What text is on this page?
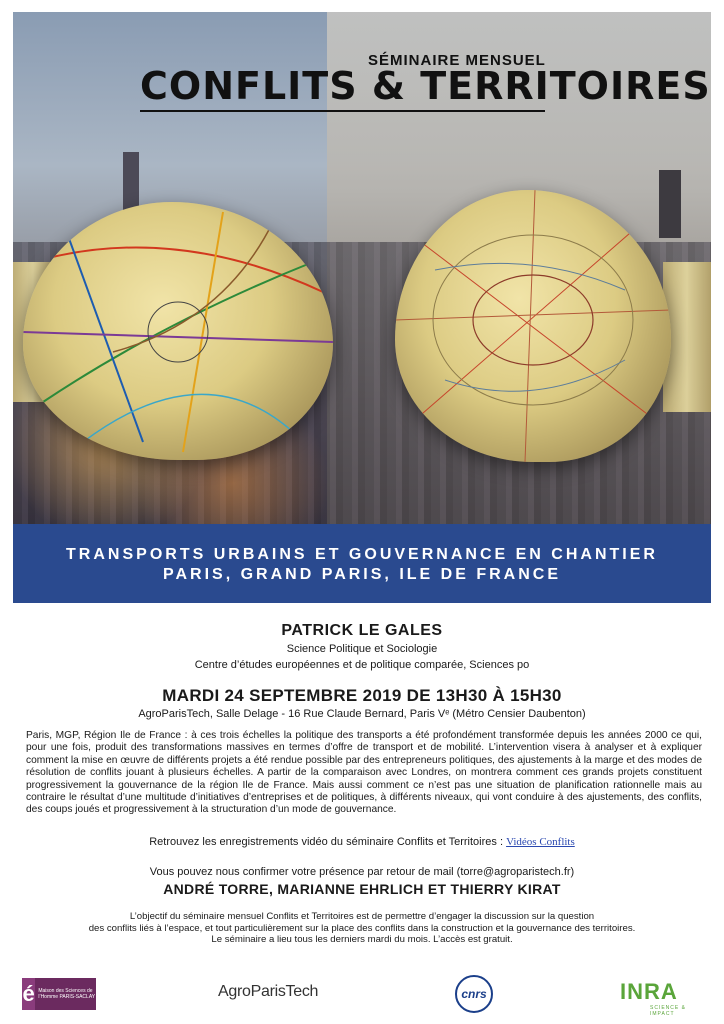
SÉMINAIRE MENSUEL
CONFLITS & TERRITOIRES
TRANSPORTS URBAINS ET GOUVERNANCE EN CHANTIER
PARIS, GRAND PARIS, ILE DE FRANCE
PATRICK LE GALES
Science Politique et Sociologie
Centre d’études européennes et de politique comparée, Sciences po
MARDI 24 SEPTEMBRE 2019 DE 13H30 À 15H30
AgroParisTech, Salle Delage - 16 Rue Claude Bernard, Paris Vᵉ (Métro Censier Daubenton)
Paris, MGP, Région Ile de France : à ces trois échelles la politique des transports a été profondément transformée depuis les années 2000 ce qui, pour une fois, produit des transformations massives en termes d’offre de transport et de mobilité. L’intervention visera à analyser et à expliquer comment la mise en œuvre de différents projets a été rendue possible par des entrepreneurs politiques, des ajustements à la marge et des modes de résolution de conflits jouant à plusieurs échelles. A partir de la comparaison avec Londres, on montrera comment ces grands projets constituent progressivement la gouvernance de la région Ile de France. Mais aussi comment ce n’est pas une situation de planification rationnelle mais au contraire le résultat d’une multitude d’initiatives d’entreprises et de politiques, à différents niveaux, qui vont conduire à des ajustements, des conflits, des coups joués et progressivement à la structuration d’un mode de gouvernance.
Retrouvez les enregistrements vidéo du séminaire Conflits et Territoires : Vidéos Conflits
Vous pouvez nous confirmer votre présence par retour de mail (torre@agroparistech.fr)
ANDRÉ TORRE, MARIANNE EHRLICH ET THIERRY KIRAT
L’objectif du séminaire mensuel Conflits et Territoires est de permettre d’engager la discussion sur la question
des conflits liés à l’espace, et tout particulièrement sur la place des conflits dans la construction et la gouvernance des territoires.
Le séminaire a lieu tous les derniers mardi du mois. L’accès est gratuit.
é Maison des Sciences de l’Homme PARIS-SACLAY	AgroParisTech	cnrs	INRA
SCIENCE & IMPACT
